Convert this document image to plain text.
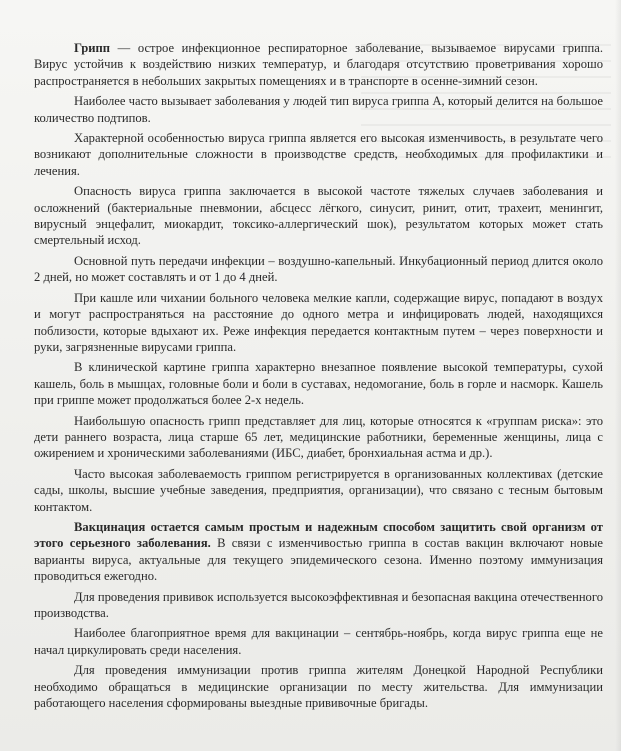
Грипп — острое инфекционное респираторное заболевание, вызываемое вирусами гриппа. Вирус устойчив к воздействию низких температур, и благодаря отсутствию проветривания хорошо распространяется в небольших закрытых помещениях и в транспорте в осенне-зимний сезон.

Наиболее часто вызывает заболевания у людей тип вируса гриппа А, который делится на большое количество подтипов.

Характерной особенностью вируса гриппа является его высокая изменчивость, в результате чего возникают дополнительные сложности в производстве средств, необходимых для профилактики и лечения.

Опасность вируса гриппа заключается в высокой частоте тяжелых случаев заболевания и осложнений (бактериальные пневмонии, абсцесс лёгкого, синусит, ринит, отит, трахеит, менингит, вирусный энцефалит, миокардит, токсико-аллергический шок), результатом которых может стать смертельный исход.

Основной путь передачи инфекции – воздушно-капельный. Инкубационный период длится около 2 дней, но может составлять и от 1 до 4 дней.

При кашле или чихании больного человека мелкие капли, содержащие вирус, попадают в воздух и могут распространяться на расстояние до одного метра и инфицировать людей, находящихся поблизости, которые вдыхают их. Реже инфекция передается контактным путем – через поверхности и руки, загрязненные вирусами гриппа.

В клинической картине гриппа характерно внезапное появление высокой температуры, сухой кашель, боль в мышцах, головные боли и боли в суставах, недомогание, боль в горле и насморк. Кашель при гриппе может продолжаться более 2-х недель.

Наибольшую опасность грипп представляет для лиц, которые относятся к «группам риска»: это дети раннего возраста, лица старше 65 лет, медицинские работники, беременные женщины, лица с ожирением и хроническими заболеваниями (ИБС, диабет, бронхиальная астма и др.).

Часто высокая заболеваемость гриппом регистрируется в организованных коллективах (детские сады, школы, высшие учебные заведения, предприятия, организации), что связано с тесным бытовым контактом.

Вакцинация остается самым простым и надежным способом защитить свой организм от этого серьезного заболевания. В связи с изменчивостью гриппа в состав вакцин включают новые варианты вируса, актуальные для текущего эпидемического сезона. Именно поэтому иммунизация проводиться ежегодно.

Для проведения прививок используется высокоэффективная и безопасная вакцина отечественного производства.

Наиболее благоприятное время для вакцинации – сентябрь-ноябрь, когда вирус гриппа еще не начал циркулировать среди населения.

Для проведения иммунизации против гриппа жителям Донецкой Народной Республики необходимо обращаться в медицинские организации по месту жительства. Для иммунизации работающего населения сформированы выездные прививочные бригады.
